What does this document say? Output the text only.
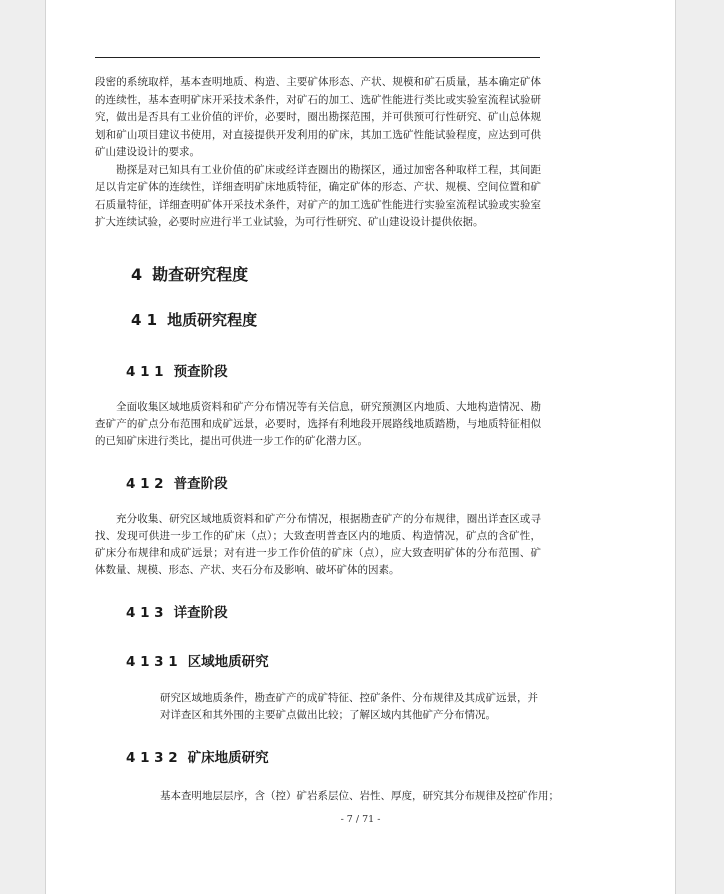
段密的系统取样，基本查明地质、构造、主要矿体形态、产状、规模和矿石质量，基本确定矿体的连续性，基本查明矿床开采技术条件，对矿石的加工、选矿性能进行类比或实验室流程试验研究，做出是否具有工业价值的评价，必要时，圈出勘探范围，并可供预可行性研究、矿山总体规划和矿山项目建议书使用，对直接提供开发利用的矿床，其加工选矿性能试验程度，应达到可供矿山建设设计的要求。

勘探是对已知具有工业价值的矿床或经详查圈出的勘探区，通过加密各种取样工程，其间距足以肯定矿体的连续性，详细查明矿床地质特征，确定矿体的形态、产状、规模、空间位置和矿石质量特征，详细查明矿体开采技术条件，对矿产的加工选矿性能进行实验室流程试验或实验室扩大连续试验，必要时应进行半工业试验，为可行性研究、矿山建设设计提供依据。

4 勘查研究程度
4 1 地质研究程度
4 1 1 预查阶段

全面收集区域地质资料和矿产分布情况等有关信息，研究预测区内地质、大地构造情况、勘查矿产的矿点分布范围和成矿远景，必要时，选择有利地段开展路线地质踏勘，与地质特征相似的已知矿床进行类比，提出可供进一步工作的矿化潜力区。

4 1 2 普查阶段

充分收集、研究区域地质资料和矿产分布情况，根据勘查矿产的分布规律，圈出详查区或寻找、发现可供进一步工作的矿床（点）；大致查明普查区内的地质、构造情况，矿点的含矿性，矿床分布规律和成矿远景；对有进一步工作价值的矿床（点），应大致查明矿体的分布范围、矿体数量、规模、形态、产状、夹石分布及影响、破坏矿体的因素。

4 1 3 详查阶段
4 1 3 1 区域地质研究

研究区域地质条件，勘查矿产的成矿特征、控矿条件、分布规律及其成矿远景，并

对详查区和其外围的主要矿点做出比较；了解区域内其他矿产分布情况。

4 1 3 2 矿床地质研究

基本查明地层层序，含（控）矿岩系层位、岩性、厚度，研究其分布规律及控矿作用；

- 7 / 71 -
